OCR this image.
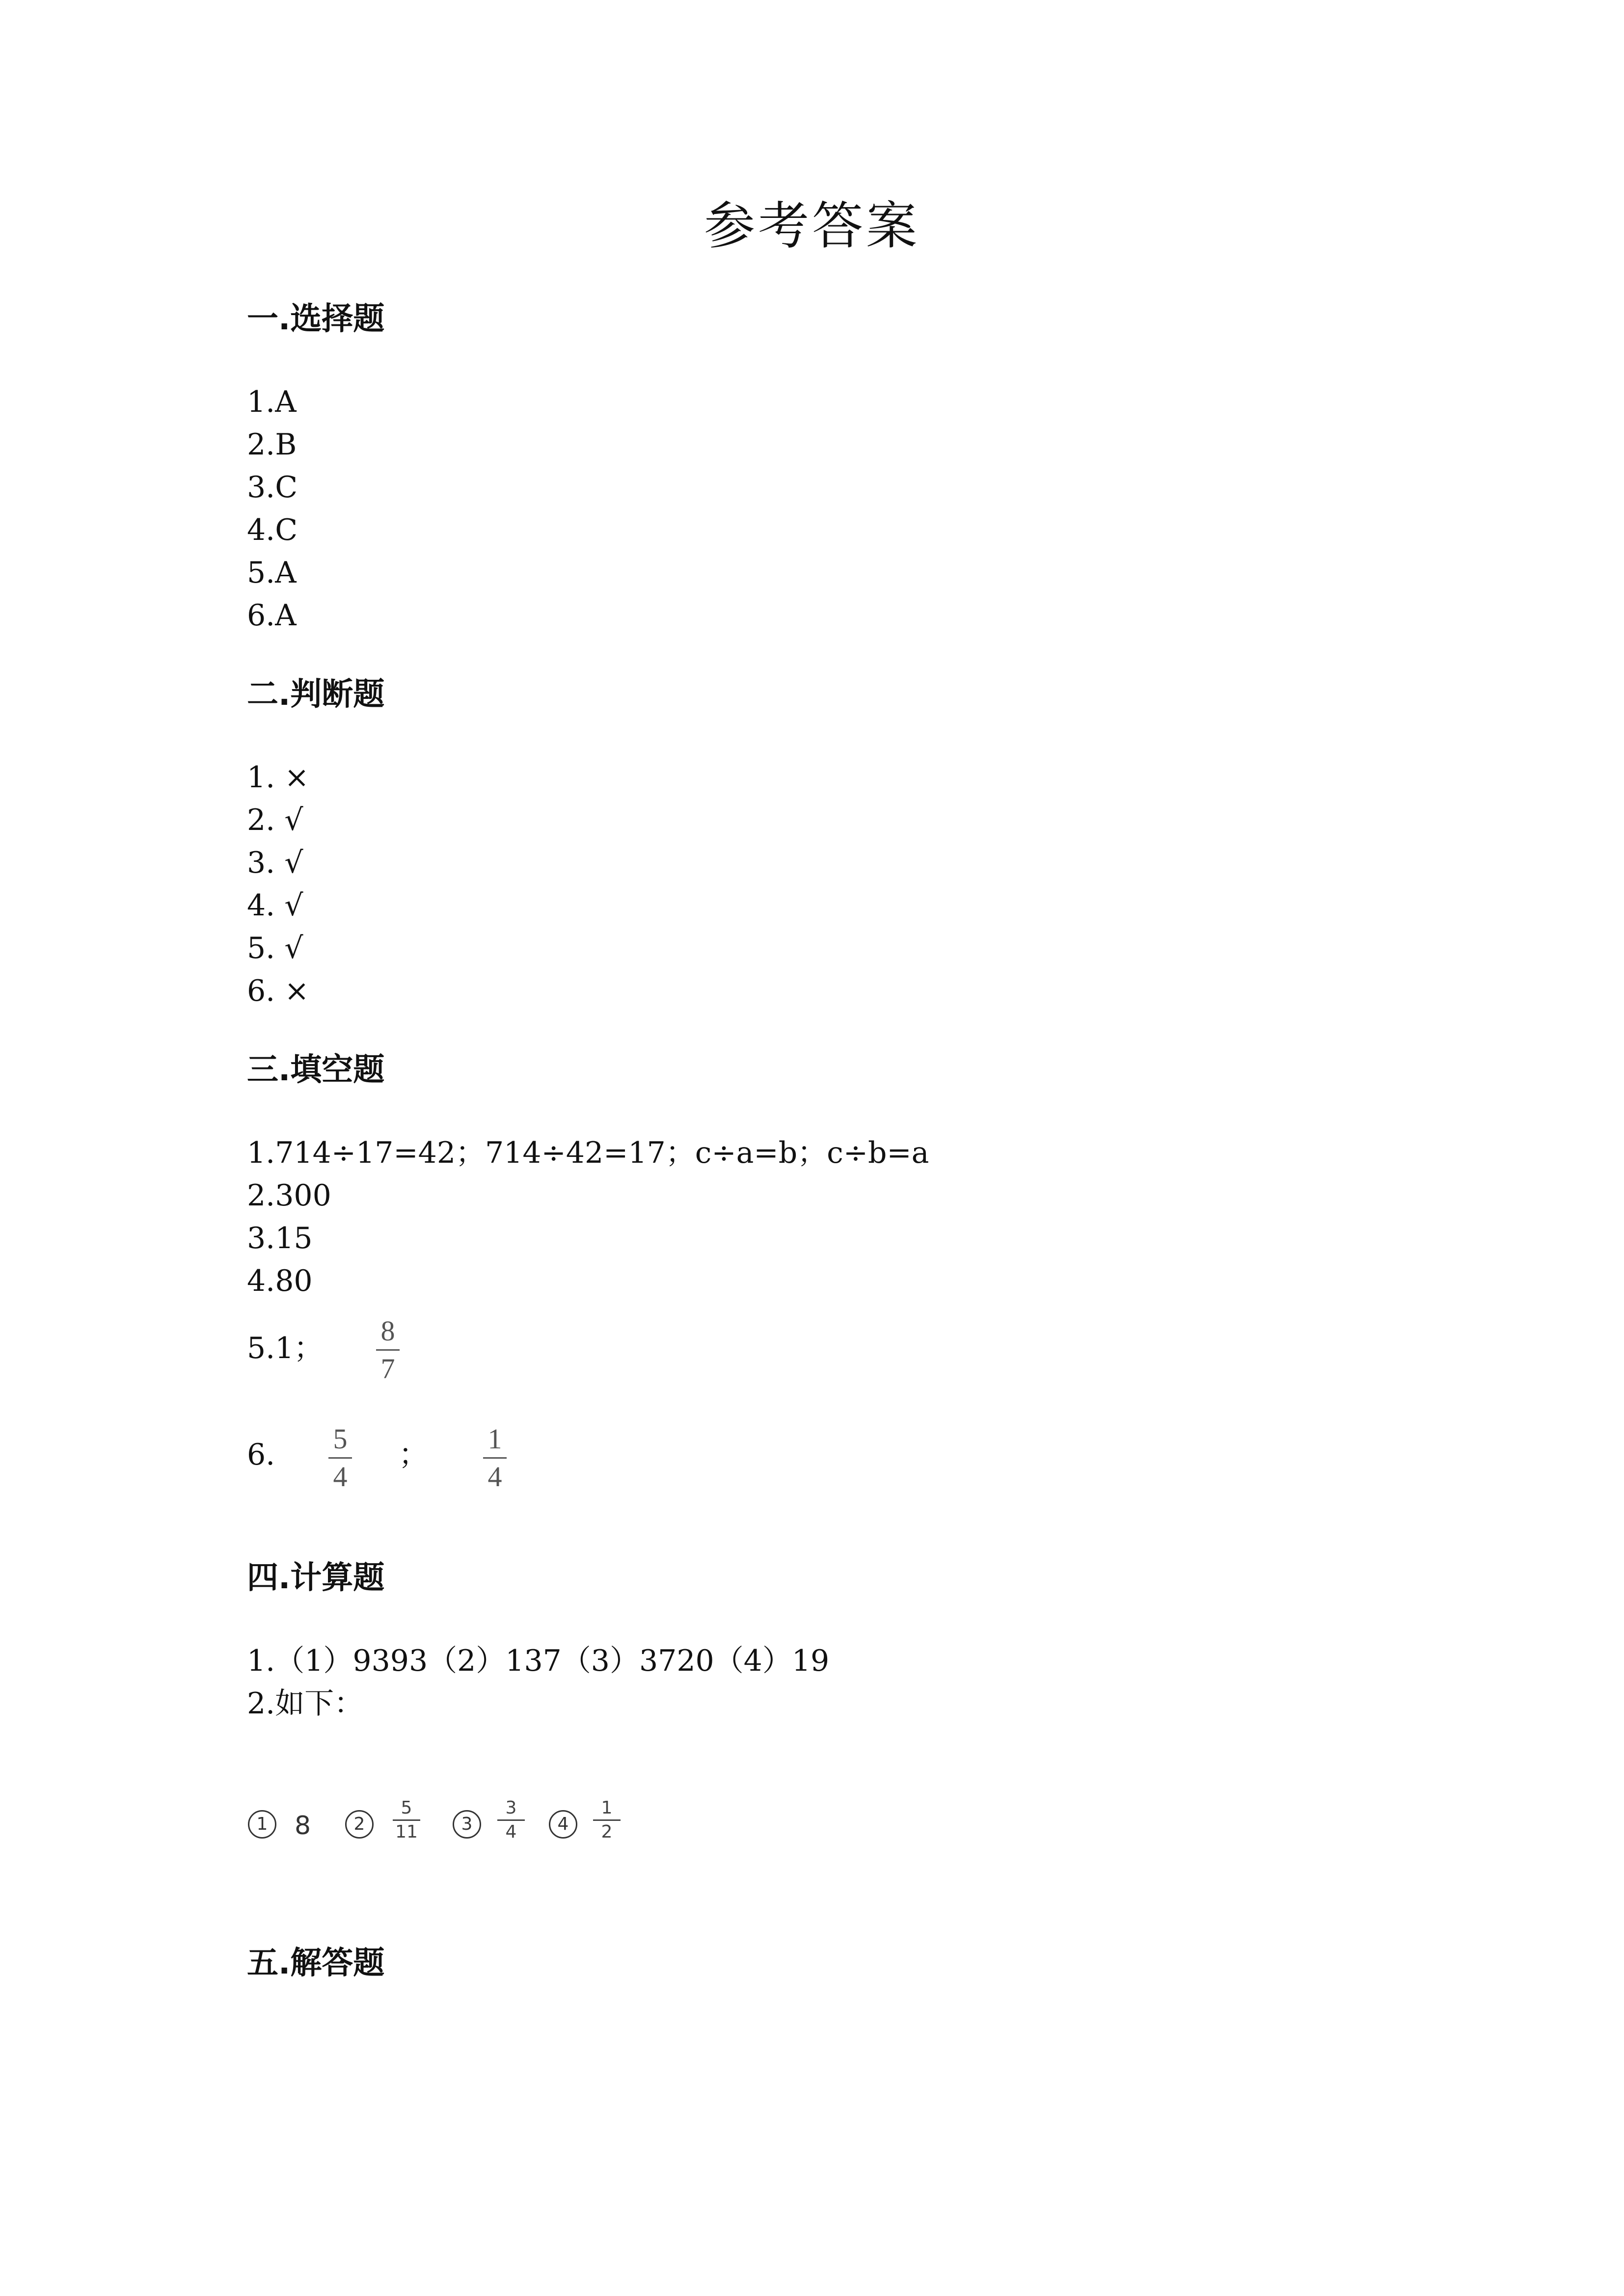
参考答案
一.选择题
1.A
2.B
3.C
4.C
5.A
6.A
二.判断题
1. ×
2. √
3. √
4. √
5. √
6. ×
三.填空题
1.714÷17=42；714÷42=17；c÷a=b；c÷b=a
2.300
3.15
4.80
5.1；
8
7
6. 5
4
； 1
4
四.计算题
1.（1）9393（2）137（3）3720（4）19
2.如下：
1	8	2
5
11	3
3
4	4
1
2
五.解答题
